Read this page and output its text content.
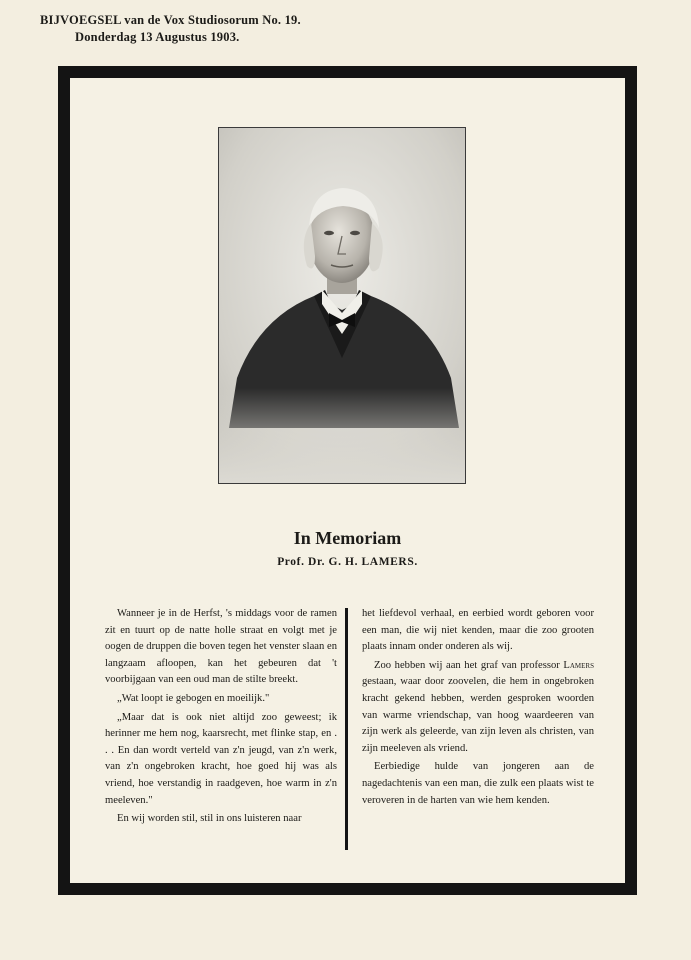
BIJVOEGSEL van de Vox Studiosorum No. 19.
Donderdag 13 Augustus 1903.
In Memoriam
Prof. Dr. G. H. LAMERS.

Wanneer je in de Herfst, 's middags voor de ramen zit en tuurt op de natte holle straat en volgt met je oogen de druppen die boven tegen het venster slaan en langzaam afloopen, kan het gebeuren dat 't voorbijgaan van een oud man de stilte breekt.

„Wat loopt ie gebogen en moeilijk."

„Maar dat is ook niet altijd zoo geweest; ik herinner me hem nog, kaarsrecht, met flinke stap, en . . . En dan wordt verteld van z'n jeugd, van z'n werk, van z'n ongebroken kracht, hoe goed hij was als vriend, hoe verstandig in raadgeven, hoe warm in z'n meeleven."

En wij worden stil, stil in ons luisteren naar

het liefdevol verhaal, en eerbied wordt geboren voor een man, die wij niet kenden, maar die zoo grooten plaats innam onder onderen als wij.

Zoo hebben wij aan het graf van professor Lamers gestaan, waar door zoovelen, die hem in ongebroken kracht gekend hebben, werden gesproken woorden van warme vriendschap, van hoog waardeeren van zijn werk als geleerde, van zijn leven als christen, van zijn meeleven als vriend.

Eerbiedige hulde van jongeren aan de nagedachtenis van een man, die zulk een plaats wist te veroveren in de harten van wie hem kenden.
